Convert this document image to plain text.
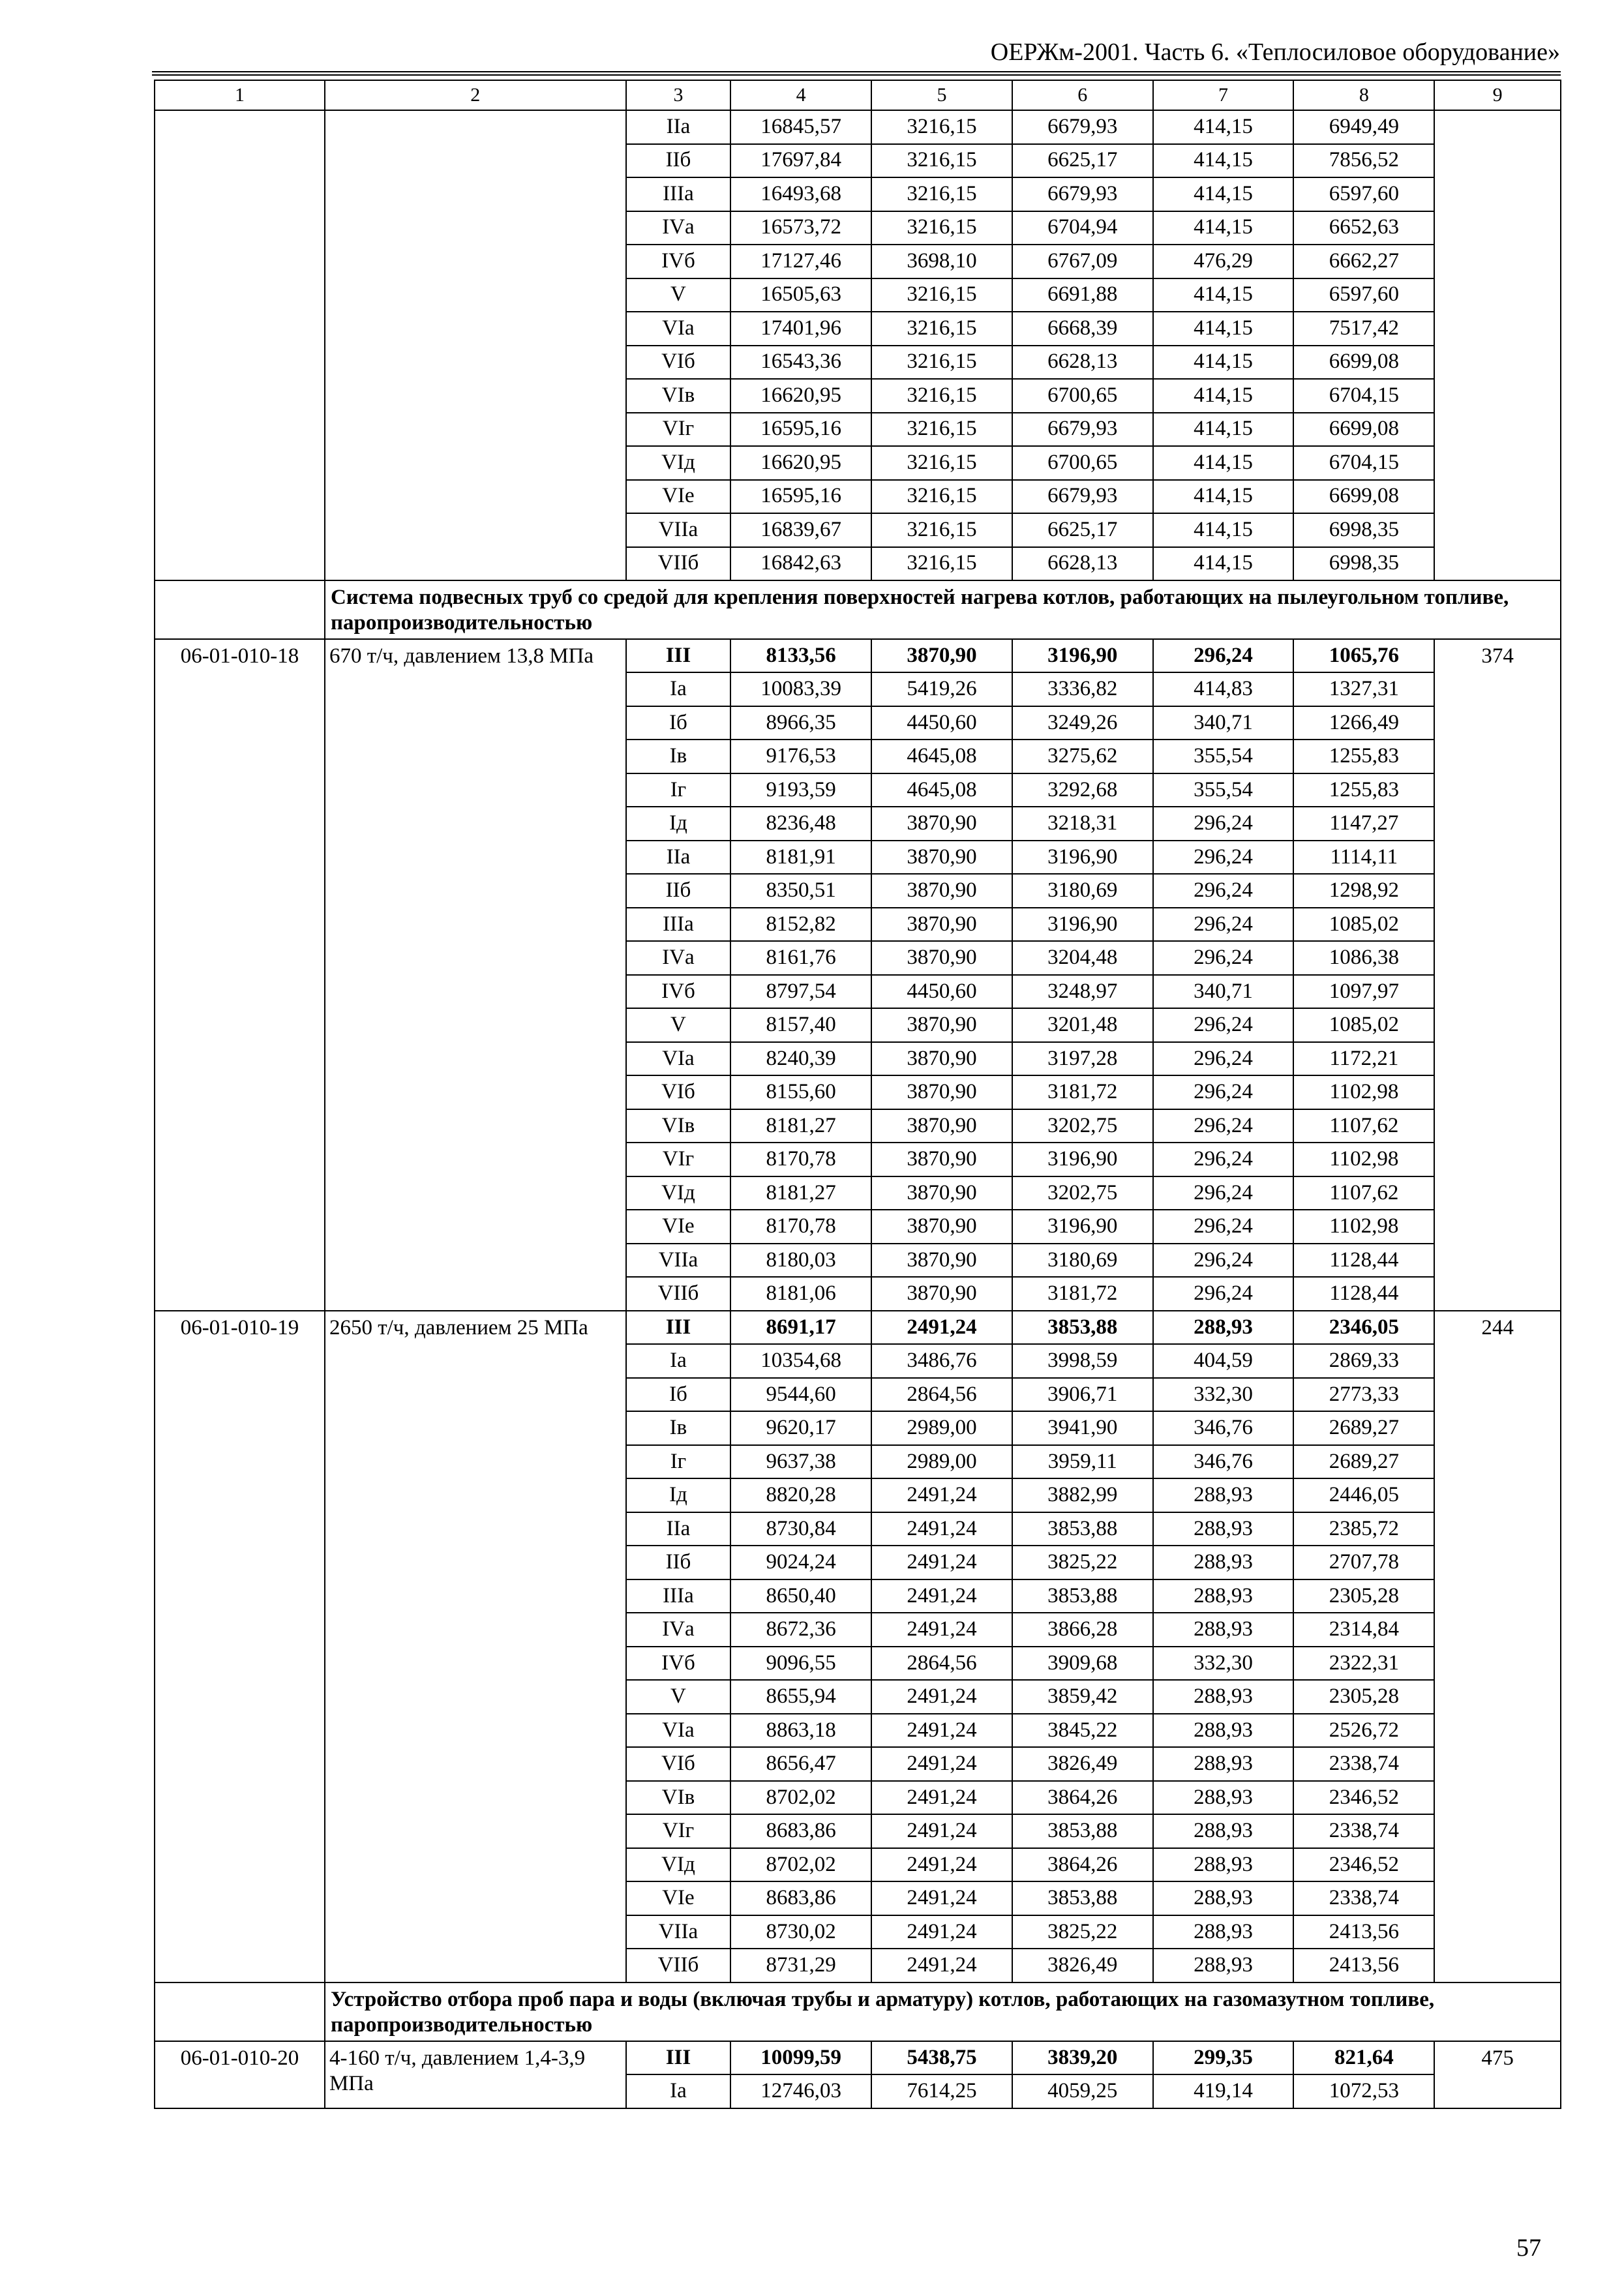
ОЕРЖм-2001. Часть 6. «Теплосиловое оборудование»
1	2	3	4	5	6	7	8	9
		IIа	16845,57	3216,15	6679,93	414,15	6949,49	
		IIб	17697,84	3216,15	6625,17	414,15	7856,52	
		IIIа	16493,68	3216,15	6679,93	414,15	6597,60	
		IVа	16573,72	3216,15	6704,94	414,15	6652,63	
		IVб	17127,46	3698,10	6767,09	476,29	6662,27	
		V	16505,63	3216,15	6691,88	414,15	6597,60	
		VIа	17401,96	3216,15	6668,39	414,15	7517,42	
		VIб	16543,36	3216,15	6628,13	414,15	6699,08	
		VIв	16620,95	3216,15	6700,65	414,15	6704,15	
		VIг	16595,16	3216,15	6679,93	414,15	6699,08	
		VIд	16620,95	3216,15	6700,65	414,15	6704,15	
		VIе	16595,16	3216,15	6679,93	414,15	6699,08	
		VIIа	16839,67	3216,15	6625,17	414,15	6998,35	
		VIIб	16842,63	3216,15	6628,13	414,15	6998,35	
	Система подвесных труб со средой для крепления поверхностей нагрева котлов, работающих на пылеугольном топливе, паропроизводительностью							
06-01-010-18	670 т/ч, давлением 13,8 МПа	III	8133,56	3870,90	3196,90	296,24	1065,76	374
		Iа	10083,39	5419,26	3336,82	414,83	1327,31	
		Iб	8966,35	4450,60	3249,26	340,71	1266,49	
		Iв	9176,53	4645,08	3275,62	355,54	1255,83	
		Iг	9193,59	4645,08	3292,68	355,54	1255,83	
		Iд	8236,48	3870,90	3218,31	296,24	1147,27	
		IIа	8181,91	3870,90	3196,90	296,24	1114,11	
		IIб	8350,51	3870,90	3180,69	296,24	1298,92	
		IIIа	8152,82	3870,90	3196,90	296,24	1085,02	
		IVа	8161,76	3870,90	3204,48	296,24	1086,38	
		IVб	8797,54	4450,60	3248,97	340,71	1097,97	
		V	8157,40	3870,90	3201,48	296,24	1085,02	
		VIа	8240,39	3870,90	3197,28	296,24	1172,21	
		VIб	8155,60	3870,90	3181,72	296,24	1102,98	
		VIв	8181,27	3870,90	3202,75	296,24	1107,62	
		VIг	8170,78	3870,90	3196,90	296,24	1102,98	
		VIд	8181,27	3870,90	3202,75	296,24	1107,62	
		VIе	8170,78	3870,90	3196,90	296,24	1102,98	
		VIIа	8180,03	3870,90	3180,69	296,24	1128,44	
		VIIб	8181,06	3870,90	3181,72	296,24	1128,44	
06-01-010-19	2650 т/ч, давлением 25 МПа	III	8691,17	2491,24	3853,88	288,93	2346,05	244
		Iа	10354,68	3486,76	3998,59	404,59	2869,33	
		Iб	9544,60	2864,56	3906,71	332,30	2773,33	
		Iв	9620,17	2989,00	3941,90	346,76	2689,27	
		Iг	9637,38	2989,00	3959,11	346,76	2689,27	
		Iд	8820,28	2491,24	3882,99	288,93	2446,05	
		IIа	8730,84	2491,24	3853,88	288,93	2385,72	
		IIб	9024,24	2491,24	3825,22	288,93	2707,78	
		IIIа	8650,40	2491,24	3853,88	288,93	2305,28	
		IVа	8672,36	2491,24	3866,28	288,93	2314,84	
		IVб	9096,55	2864,56	3909,68	332,30	2322,31	
		V	8655,94	2491,24	3859,42	288,93	2305,28	
		VIа	8863,18	2491,24	3845,22	288,93	2526,72	
		VIб	8656,47	2491,24	3826,49	288,93	2338,74	
		VIв	8702,02	2491,24	3864,26	288,93	2346,52	
		VIг	8683,86	2491,24	3853,88	288,93	2338,74	
		VIд	8702,02	2491,24	3864,26	288,93	2346,52	
		VIе	8683,86	2491,24	3853,88	288,93	2338,74	
		VIIа	8730,02	2491,24	3825,22	288,93	2413,56	
		VIIб	8731,29	2491,24	3826,49	288,93	2413,56	
	Устройство отбора проб пара и воды (включая трубы и арматуру) котлов, работающих на газомазутном топливе, паропроизводительностью							
06-01-010-20	4-160 т/ч, давлением 1,4-3,9 МПа	III	10099,59	5438,75	3839,20	299,35	821,64	475
		Iа	12746,03	7614,25	4059,25	419,14	1072,53	
57
